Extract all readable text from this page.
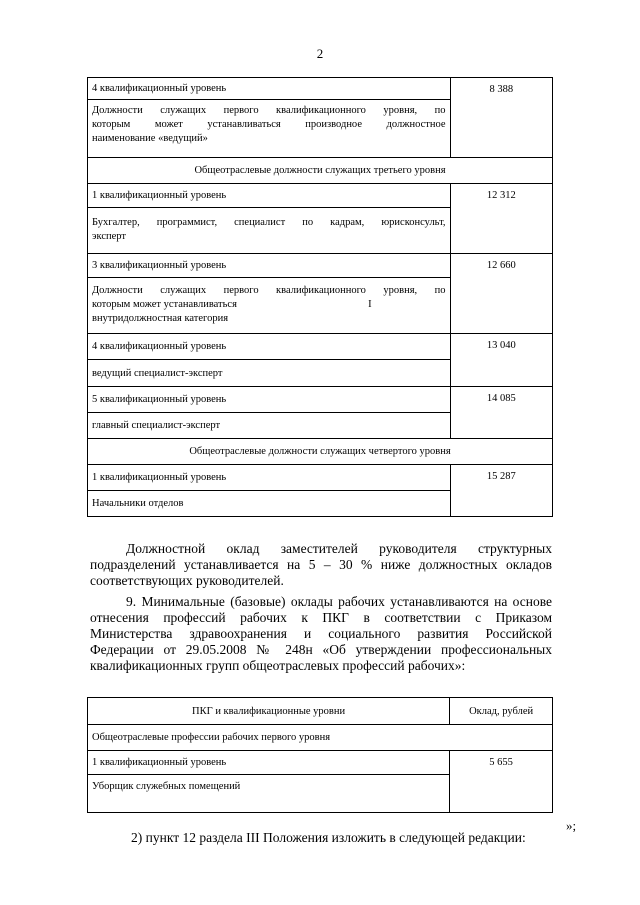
2
4 квалификационный уровень	8 388

Должности служащих первого квалификационного уровня, по
которым может устанавливаться производное должностное
наименование «ведущий»	

Общеотраслевые должности служащих третьего уровня	
1 квалификационный уровень	12 312

Бухгалтер, программист, специалист по кадрам, юрисконсульт,
эксперт	

3 квалификационный уровень	12 660

Должности служащих первого квалификационного уровня, по
которым может устанавливаться                                                  I
внутридолжностная категория	

4 квалификационный уровень	13 040
ведущий специалист-эксперт	
5 квалификационный уровень	14 085
главный специалист-эксперт	
Общеотраслевые должности служащих четвертого уровня	
1 квалификационный уровень	15 287
Начальники отделов	
Должностной оклад заместителей руководителя структурных
подразделений устанавливается на 5 – 30 % ниже должностных окладов
соответствующих руководителей.
9. Минимальные (базовые) оклады рабочих устанавливаются на основе
отнесения профессий рабочих к ПКГ в соответствии с Приказом
Министерства здравоохранения и социального развития Российской
Федерации от 29.05.2008 № 248н «Об утверждении профессиональных
квалификационных групп общеотраслевых профессий рабочих»:
ПКГ и квалификационные уровни	Оклад, рублей
Общеотраслевые профессии рабочих первого уровня	
1 квалификационный уровень	5 655
Уборщик служебных помещений	
»;
2) пункт 12 раздела III Положения изложить в следующей редакции:
